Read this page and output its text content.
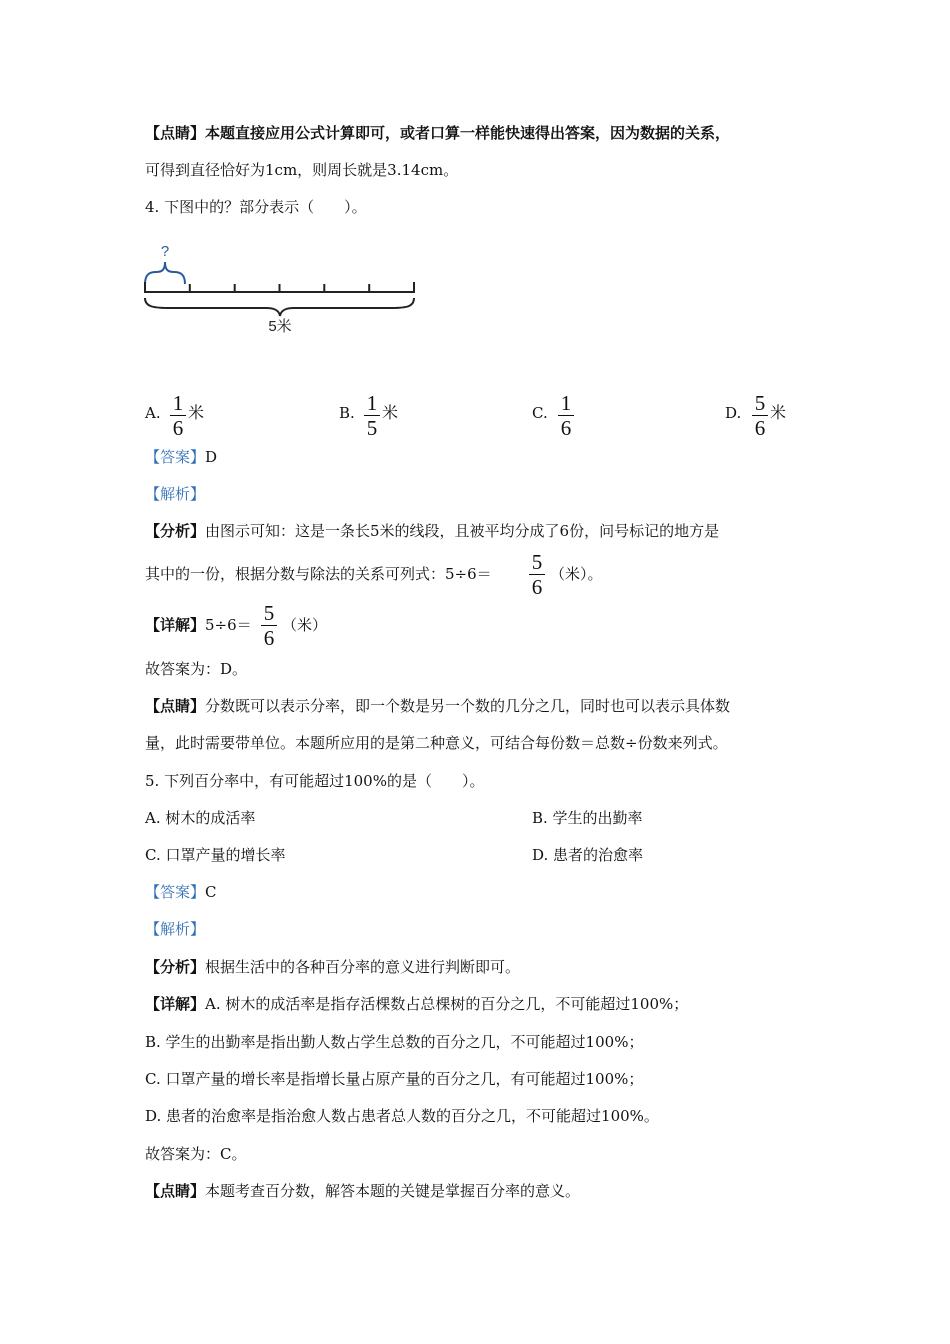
【点睛】本题直接应用公式计算即可，或者口算一样能快速得出答案，因为数据的关系，
可得到直径恰好为1cm，则周长就是3.14cm。
4. 下图中的？部分表示（　　）。
?
5米
A. 1
6
米	B. 1
5
米	C. 1
6
D. 5
6
米
【答案】D
【解析】
【分析】由图示可知：这是一条长5米的线段，且被平均分成了6份，问号标记的地方是
其中的一份，根据分数与除法的关系可列式：5÷6＝ 5
6
（米）。
【详解】5÷6＝ 5
6
（米）
故答案为：D。
【点睛】分数既可以表示分率，即一个数是另一个数的几分之几，同时也可以表示具体数
量，此时需要带单位。本题所应用的是第二种意义，可结合每份数＝总数÷份数来列式。
5. 下列百分率中，有可能超过100%的是（　　）。
A. 树木的成活率	B. 学生的出勤率
C. 口罩产量的增长率	D. 患者的治愈率
【答案】C
【解析】
【分析】根据生活中的各种百分率的意义进行判断即可。
【详解】A. 树木的成活率是指存活棵数占总棵树的百分之几，不可能超过100%；
B. 学生的出勤率是指出勤人数占学生总数的百分之几，不可能超过100%；
C. 口罩产量的增长率是指增长量占原产量的百分之几，有可能超过100%；
D. 患者的治愈率是指治愈人数占患者总人数的百分之几，不可能超过100%。
故答案为：C。
【点睛】本题考查百分数，解答本题的关键是掌握百分率的意义。
